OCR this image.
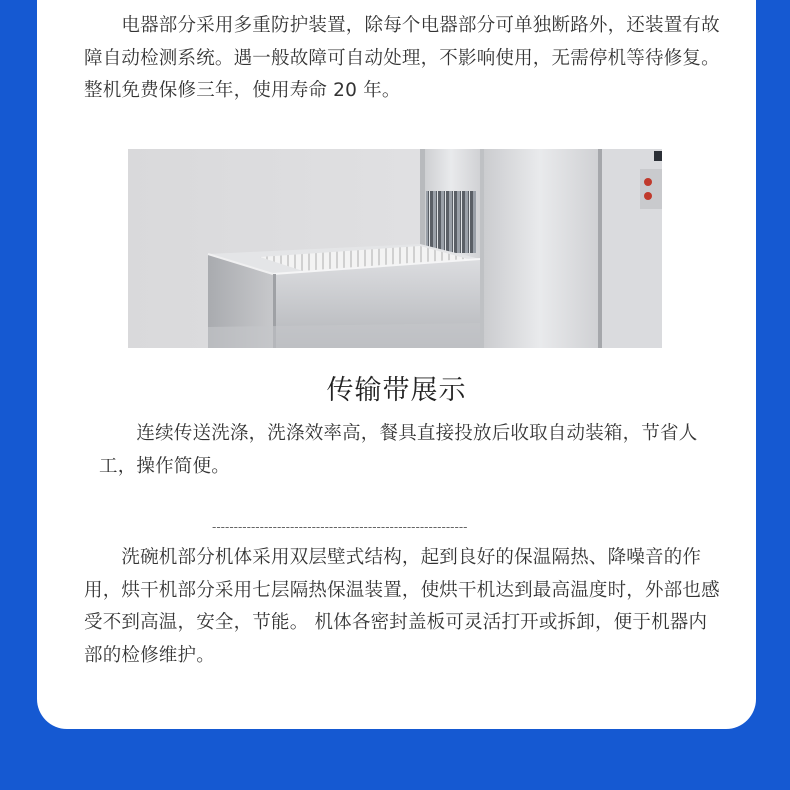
　　电器部分采用多重防护装置，除每个电器部分可单独断路外，还装置有故障自动检测系统。遇一般故障可自动处理，不影响使用，无需停机等待修复。整机免费保修三年，使用寿命 20 年。

传输带展示

　　连续传送洗涤，洗涤效率高，餐具直接投放后收取自动装箱，节省人工，操作简便。

-----------------------------------------------------------

　　洗碗机部分机体采用双层壁式结构，起到良好的保温隔热、降噪音的作用，烘干机部分采用七层隔热保温装置，使烘干机达到最高温度时，外部也感受不到高温，安全，节能。 机体各密封盖板可灵活打开或拆卸，便于机器内部的检修维护。
